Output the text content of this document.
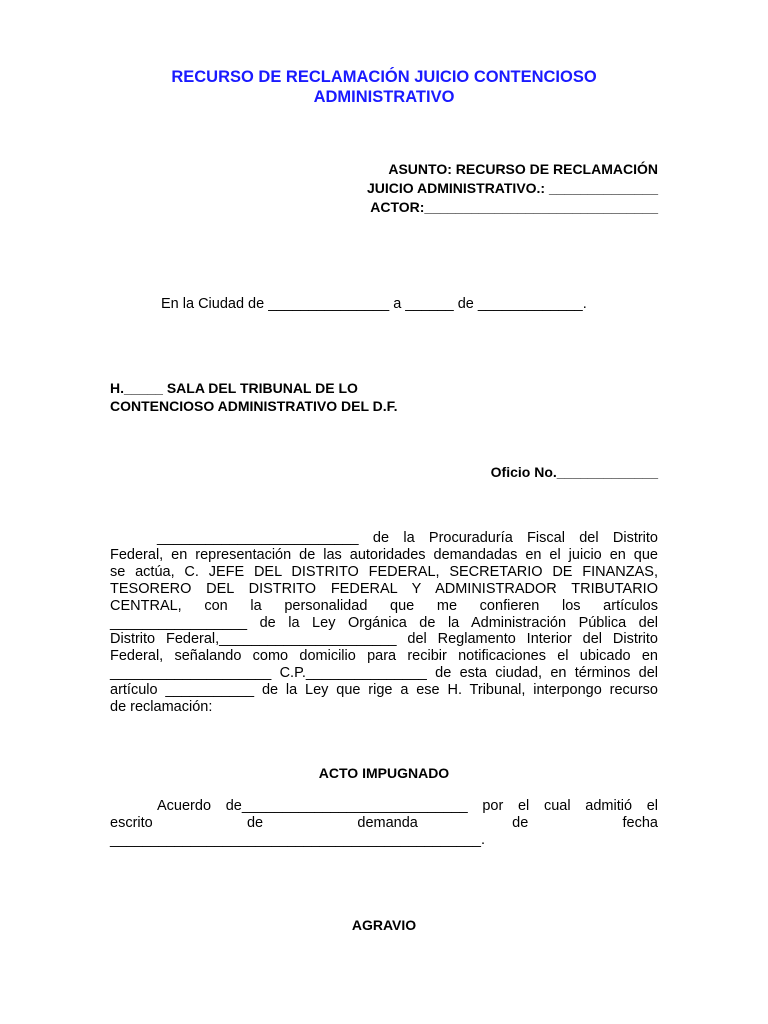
RECURSO DE RECLAMACIÓN JUICIO CONTENCIOSO
ADMINISTRATIVO
ASUNTO: RECURSO DE RECLAMACIÓN
JUICIO ADMINISTRATIVO.: ______________
ACTOR:______________________________
En la Ciudad de _______________ a ______ de _____________.
H._____ SALA DEL TRIBUNAL DE LO
CONTENCIOSO ADMINISTRATIVO DEL D.F.
Oficio No._____________
_________________________ de la Procuraduría Fiscal del Distrito
Federal, en representación de las autoridades demandadas en el juicio en que
se actúa, C. JEFE DEL DISTRITO FEDERAL, SECRETARIO DE FINANZAS,
TESORERO DEL DISTRITO FEDERAL Y ADMINISTRADOR TRIBUTARIO
CENTRAL, con la personalidad que me confieren los artículos
_________________ de la Ley Orgánica de la Administración Pública del
Distrito Federal,______________________ del Reglamento Interior del Distrito
Federal, señalando como domicilio para recibir notificaciones el ubicado en
____________________ C.P._______________ de esta ciudad, en términos del
artículo ___________ de la Ley que rige a ese H. Tribunal, interpongo recurso
de reclamación:
ACTO IMPUGNADO
Acuerdo de____________________________ por el cual admitió el
escrito de demanda de fecha
______________________________________________.
AGRAVIO
